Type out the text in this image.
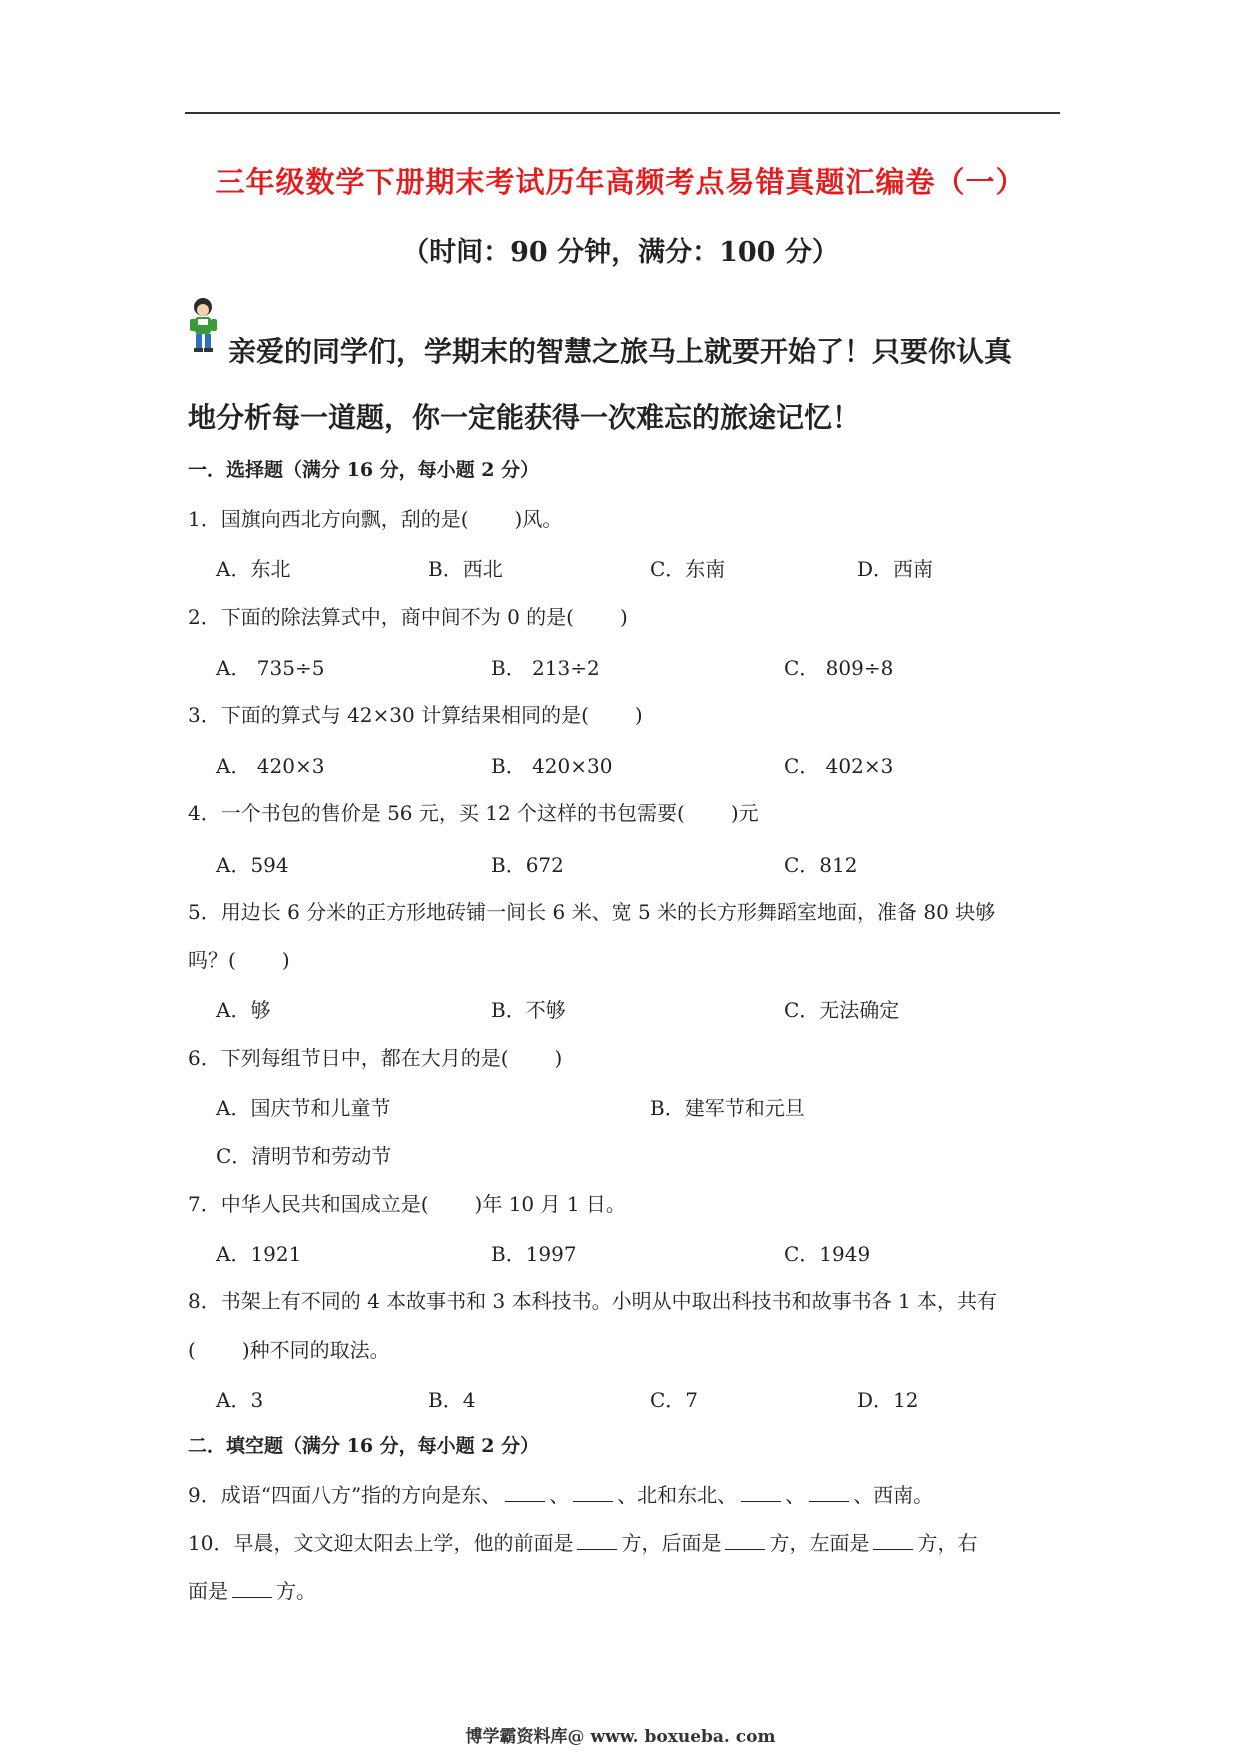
三年级数学下册期末考试历年高频考点易错真题汇编卷（一）
（时间：90 分钟，满分：100 分）
亲爱的同学们，学期末的智慧之旅马上就要开始了！只要你认真
地分析每一道题，你一定能获得一次难忘的旅途记忆！
一．选择题（满分 16 分，每小题 2 分）
1．国旗向西北方向飘，刮的是( )风。
A．东北	B．西北	C．东南	D．西南
2．下面的除法算式中，商中间不为 0 的是( )
A． 735÷5	B． 213÷2	C． 809÷8
3．下面的算式与 42×30 计算结果相同的是( )
A． 420×3	B． 420×30	C． 402×3
4．一个书包的售价是 56 元，买 12 个这样的书包需要( )元
A．594	B．672	C．812
5．用边长 6 分米的正方形地砖铺一间长 6 米、宽 5 米的长方形舞蹈室地面，准备 80 块够
吗？( )
A．够	B．不够	C．无法确定
6．下列每组节日中，都在大月的是( )
A．国庆节和儿童节	B．建军节和元旦
C．清明节和劳动节
7．中华人民共和国成立是( )年 10 月 1 日。
A．1921	B．1997	C．1949
8．书架上有不同的 4 本故事书和 3 本科技书。小明从中取出科技书和故事书各 1 本，共有
( )种不同的取法。
A．3	B．4	C．7	D．12
二．填空题（满分 16 分，每小题 2 分）
9．成语“四面八方”指的方向是东、 、 、北和东北、 、 、西南。
10．早晨，文文迎太阳去上学，他的前面是 方，后面是 方，左面是 方，右
面是 方。
博学霸资料库@ www. boxueba. com
